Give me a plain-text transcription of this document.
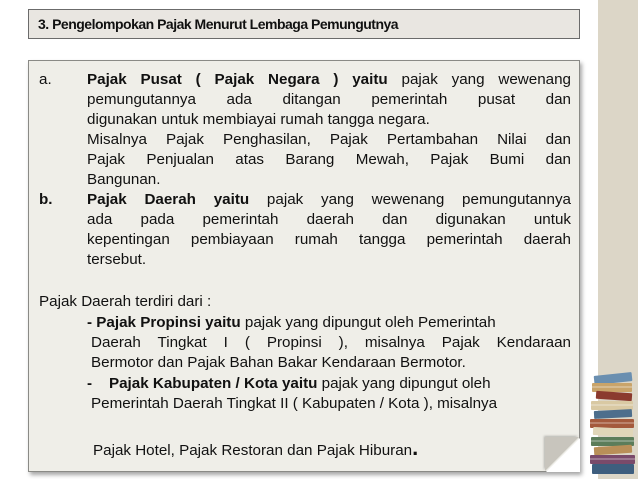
3. Pengelompokan Pajak Menurut Lembaga Pemungutnya
a. Pajak Pusat ( Pajak Negara ) yaitu pajak yang wewenang
pemungutannya ada ditangan pemerintah pusat dan
digunakan untuk membiayai rumah tangga negara.
Misalnya Pajak Penghasilan, Pajak Pertambahan Nilai dan
Pajak Penjualan atas Barang Mewah, Pajak Bumi dan
Bangunan.
b. Pajak Daerah yaitu pajak yang wewenang pemungutannya
ada pada pemerintah daerah dan digunakan untuk
kepentingan pembiayaan rumah tangga pemerintah daerah
tersebut.
Pajak Daerah terdiri dari :
- Pajak Propinsi yaitu pajak yang dipungut oleh Pemerintah
Daerah Tingkat I ( Propinsi ), misalnya Pajak Kendaraan
Bermotor dan Pajak Bahan Bakar Kendaraan Bermotor.
- Pajak Kabupaten / Kota yaitu pajak yang dipungut oleh
Pemerintah Daerah Tingkat II ( Kabupaten / Kota ), misalnya
Pajak Hotel, Pajak Restoran dan Pajak Hiburan.
